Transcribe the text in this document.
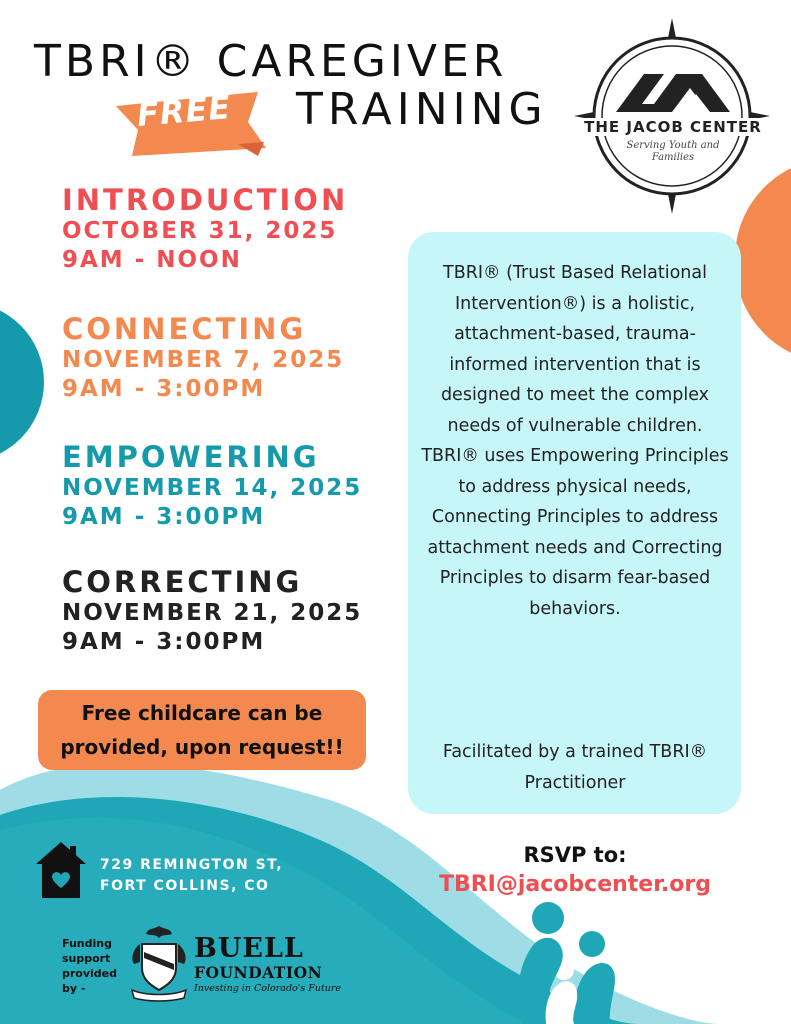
TBRI® CAREGIVER
FREE TRAINING	THE JACOB CENTER
Serving Youth and Families
INTRODUCTION
OCTOBER 31, 2025
9AM - NOON
CONNECTING
NOVEMBER 7, 2025
9AM - 3:00PM
EMPOWERING
NOVEMBER 14, 2025
9AM - 3:00PM
CORRECTING
NOVEMBER 21, 2025
9AM - 3:00PM
TBRI® (Trust Based Relational Intervention®) is a holistic, attachment-based, trauma-informed intervention that is designed to meet the complex needs of vulnerable children. TBRI® uses Empowering Principles to address physical needs, Connecting Principles to address attachment needs and Correcting Principles to disarm fear-based behaviors.
Facilitated by a trained TBRI® Practitioner
Free childcare can be provided, upon request!!
729 REMINGTON ST,
FORT COLLINS, CO
Funding support provided by -
BUELL
FOUNDATION
Investing in Colorado's Future
RSVP to:
TBRI@jacobcenter.org
